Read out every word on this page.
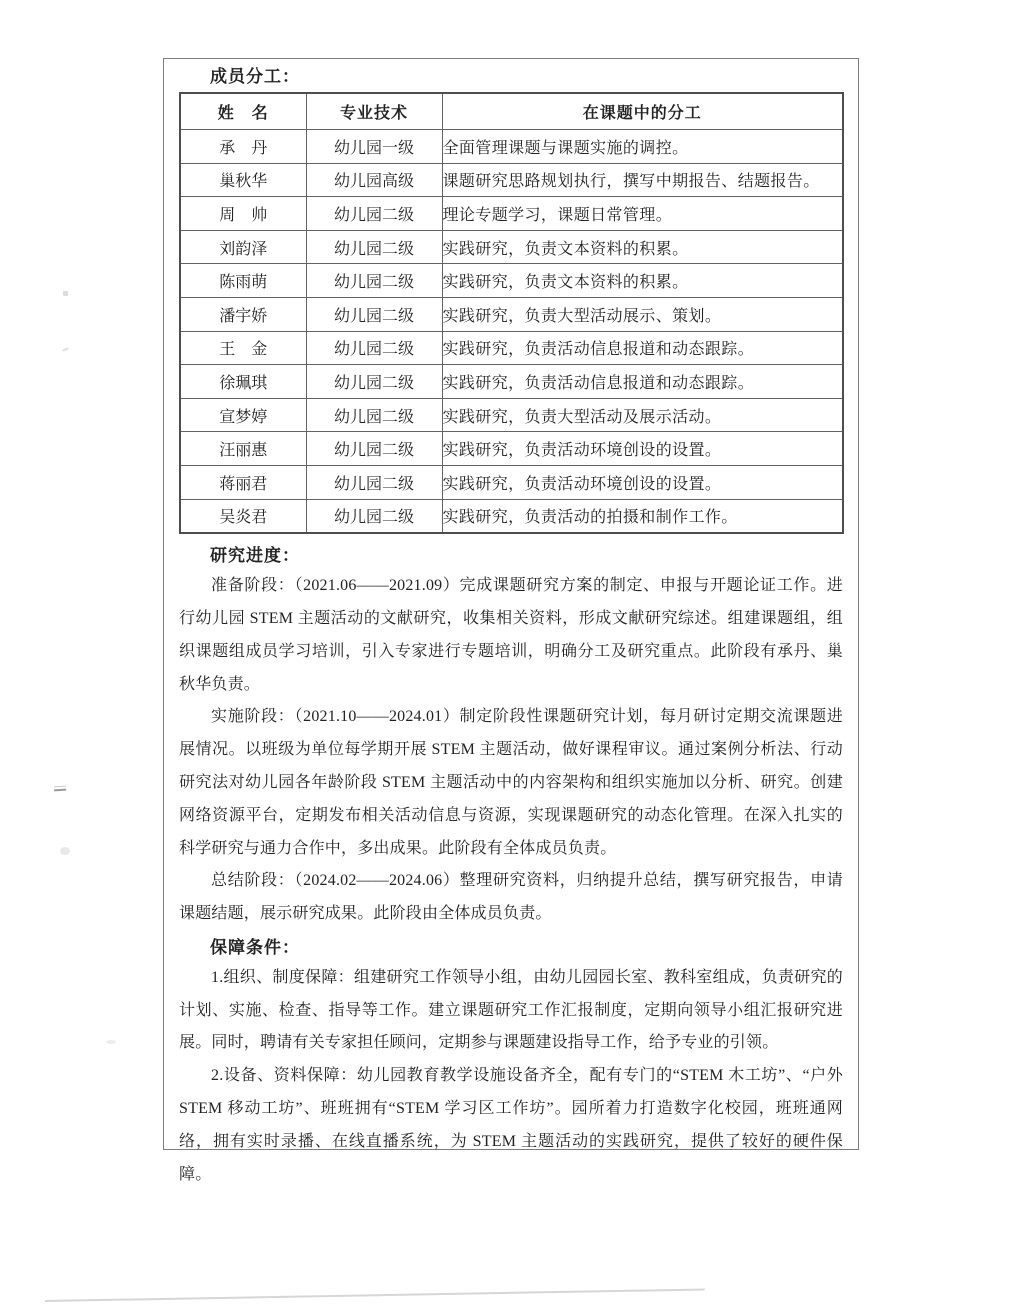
成员分工：
姓　名	专业技术	在课题中的分工
承　丹	幼儿园一级	全面管理课题与课题实施的调控。
巢秋华	幼儿园高级	课题研究思路规划执行，撰写中期报告、结题报告。
周　帅	幼儿园二级	理论专题学习，课题日常管理。
刘韵泽	幼儿园二级	实践研究，负责文本资料的积累。
陈雨萌	幼儿园二级	实践研究，负责文本资料的积累。
潘宇娇	幼儿园二级	实践研究，负责大型活动展示、策划。
王　金	幼儿园二级	实践研究，负责活动信息报道和动态跟踪。
徐珮琪	幼儿园二级	实践研究，负责活动信息报道和动态跟踪。
宣梦婷	幼儿园二级	实践研究，负责大型活动及展示活动。
汪丽惠	幼儿园二级	实践研究，负责活动环境创设的设置。
蒋丽君	幼儿园二级	实践研究，负责活动环境创设的设置。
吴炎君	幼儿园二级	实践研究，负责活动的拍摄和制作工作。
研究进度：

准备阶段：（2021.06——2021.09）完成课题研究方案的制定、申报与开题论证工作。进行幼儿园 STEM 主题活动的文献研究，收集相关资料，形成文献研究综述。组建课题组，组织课题组成员学习培训，引入专家进行专题培训，明确分工及研究重点。此阶段有承丹、巢秋华负责。

实施阶段：（2021.10——2024.01）制定阶段性课题研究计划，每月研讨定期交流课题进展情况。以班级为单位每学期开展 STEM 主题活动，做好课程审议。通过案例分析法、行动研究法对幼儿园各年龄阶段 STEM 主题活动中的内容架构和组织实施加以分析、研究。创建网络资源平台，定期发布相关活动信息与资源，实现课题研究的动态化管理。在深入扎实的科学研究与通力合作中，多出成果。此阶段有全体成员负责。

总结阶段：（2024.02——2024.06）整理研究资料，归纳提升总结，撰写研究报告，申请课题结题，展示研究成果。此阶段由全体成员负责。

保障条件：

1.组织、制度保障：组建研究工作领导小组，由幼儿园园长室、教科室组成，负责研究的计划、实施、检查、指导等工作。建立课题研究工作汇报制度，定期向领导小组汇报研究进展。同时，聘请有关专家担任顾问，定期参与课题建设指导工作，给予专业的引领。

2.设备、资料保障：幼儿园教育教学设施设备齐全，配有专门的“STEM 木工坊”、“户外 STEM 移动工坊”、班班拥有“STEM 学习区工作坊”。园所着力打造数字化校园，班班通网络，拥有实时录播、在线直播系统，为 STEM 主题活动的实践研究，提供了较好的硬件保障。
